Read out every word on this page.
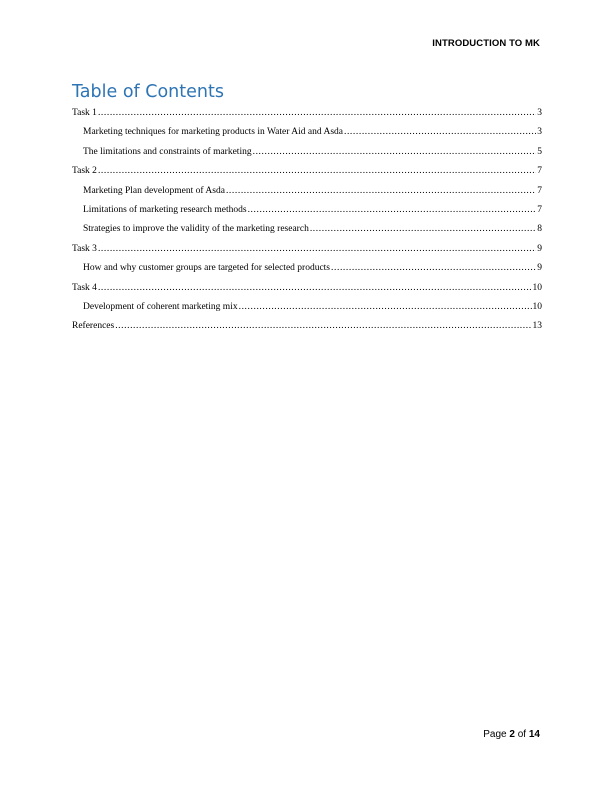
INTRODUCTION TO MK
Table of Contents
Task 1 .....	3
Marketing techniques for marketing products in Water Aid and Asda .....	3
The limitations and constraints of marketing .....	5
Task 2 .....	7
Marketing Plan development of Asda .....	7
Limitations of marketing research methods .....	7
Strategies to improve the validity of the marketing research .....	8
Task 3 .....	9
How and why customer groups are targeted for selected products .....	9
Task 4 .....	10
Development of coherent marketing mix .....	10
References .....	13
Page 2 of 14
